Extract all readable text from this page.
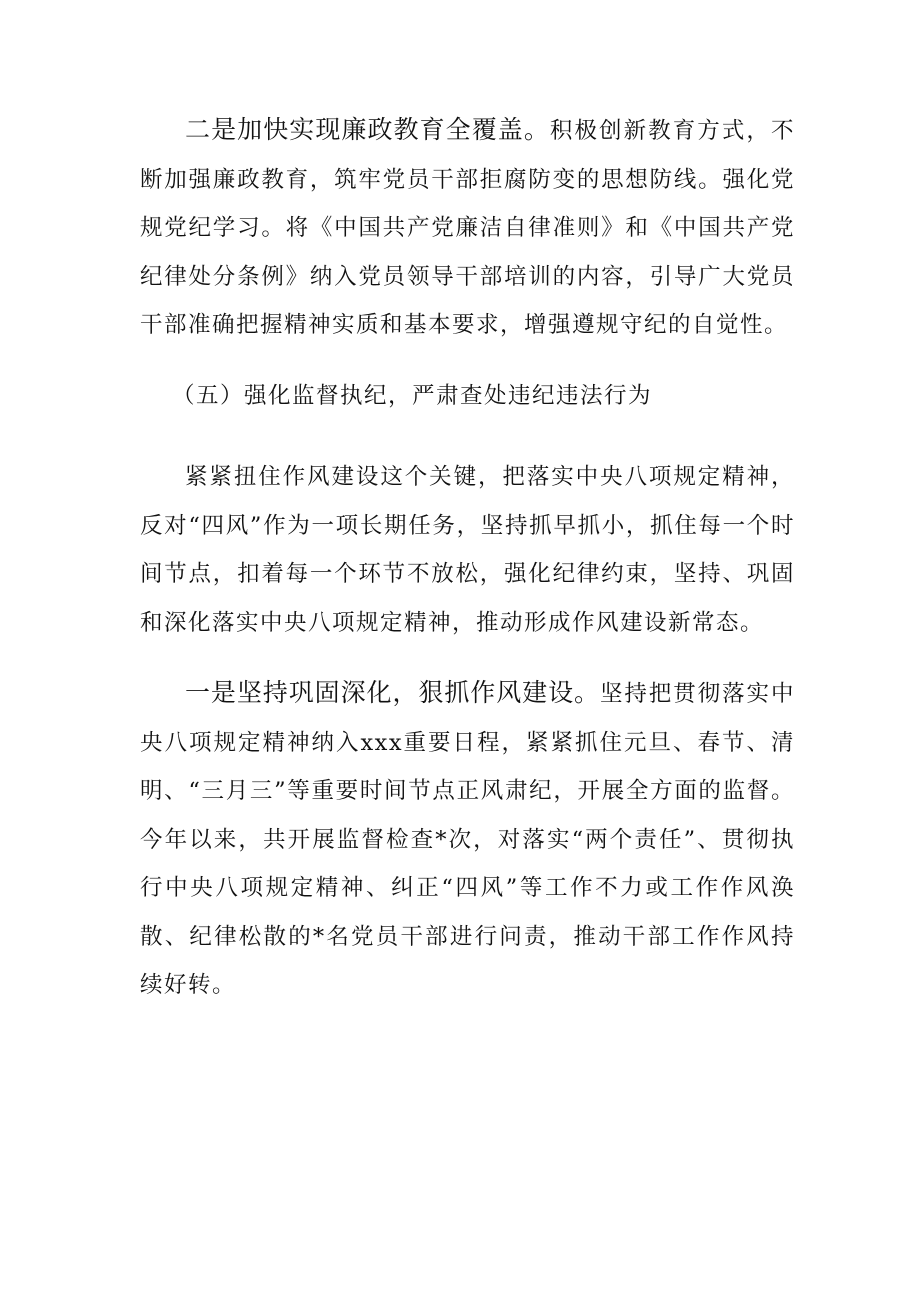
二是加快实现廉政教育全覆盖。积极创新教育方式，不断加强廉政教育，筑牢党员干部拒腐防变的思想防线。强化党规党纪学习。将《中国共产党廉洁自律准则》和《中国共产党纪律处分条例》纳入党员领导干部培训的内容，引导广大党员干部准确把握精神实质和基本要求，增强遵规守纪的自觉性。

（五）强化监督执纪，严肃查处违纪违法行为

紧紧扭住作风建设这个关键，把落实中央八项规定精神，反对“四风”作为一项长期任务，坚持抓早抓小，抓住每一个时间节点，扣着每一个环节不放松，强化纪律约束，坚持、巩固和深化落实中央八项规定精神，推动形成作风建设新常态。

一是坚持巩固深化，狠抓作风建设。坚持把贯彻落实中央八项规定精神纳入xxx重要日程，紧紧抓住元旦、春节、清明、“三月三”等重要时间节点正风肃纪，开展全方面的监督。今年以来，共开展监督检查*次，对落实“两个责任”、贯彻执行中央八项规定精神、纠正“四风”等工作不力或工作作风涣散、纪律松散的*名党员干部进行问责，推动干部工作作风持续好转。
